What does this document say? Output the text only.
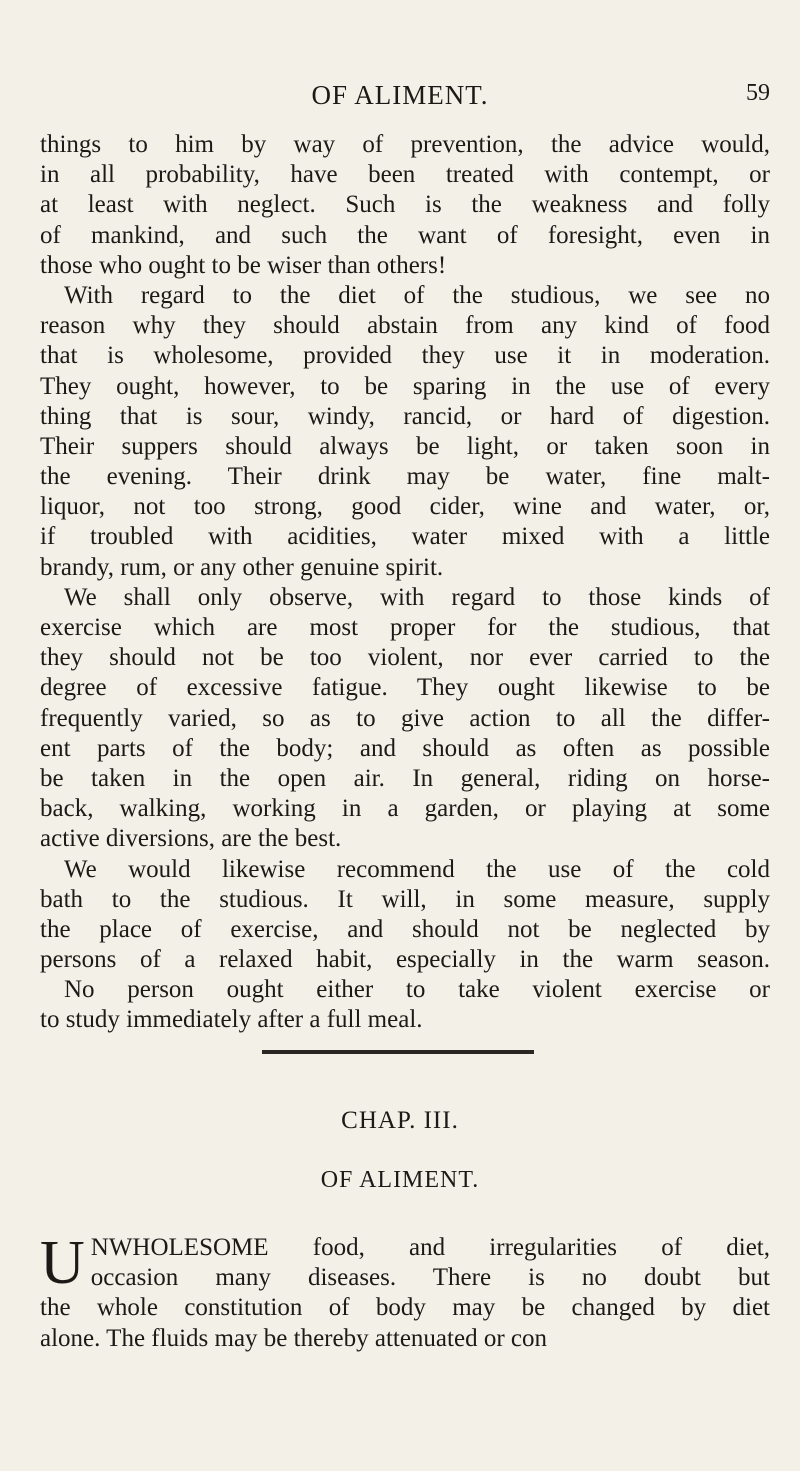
OF ALIMENT.	59
things to him by way of prevention, the advice would,
in all probability, have been treated with contempt, or
at least with neglect. Such is the weakness and folly
of mankind, and such the want of foresight, even in
those who ought to be wiser than others!
With regard to the diet of the studious, we see no
reason why they should abstain from any kind of food
that is wholesome, provided they use it in moderation.
They ought, however, to be sparing in the use of every
thing that is sour, windy, rancid, or hard of digestion.
Their suppers should always be light, or taken soon in
the evening. Their drink may be water, fine malt-
liquor, not too strong, good cider, wine and water, or,
if troubled with acidities, water mixed with a little
brandy, rum, or any other genuine spirit.
We shall only observe, with regard to those kinds of
exercise which are most proper for the studious, that
they should not be too violent, nor ever carried to the
degree of excessive fatigue. They ought likewise to be
frequently varied, so as to give action to all the differ-
ent parts of the body; and should as often as possible
be taken in the open air. In general, riding on horse-
back, walking, working in a garden, or playing at some
active diversions, are the best.
We would likewise recommend the use of the cold
bath to the studious. It will, in some measure, supply
the place of exercise, and should not be neglected by
persons of a relaxed habit, especially in the warm season.
No person ought either to take violent exercise or
to study immediately after a full meal.
CHAP. III.
OF ALIMENT.
U NWHOLESOME food, and irregularities of diet,
occasion many diseases. There is no doubt but
the whole constitution of body may be changed by diet
alone. The fluids may be thereby attenuated or con
